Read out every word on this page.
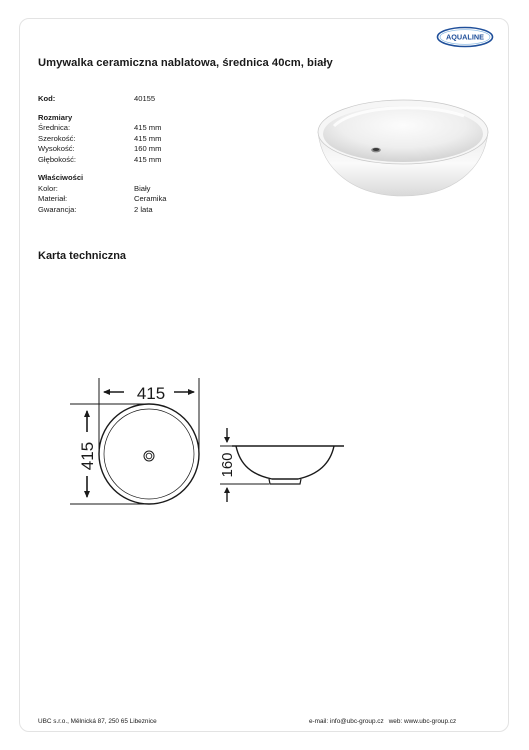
AQUALINE
Umywalka ceramiczna nablatowa, średnica 40cm, biały
Kod:	40155
Rozmiary
Średnica:	415 mm
Szerokość:	415 mm
Wysokość:	160 mm
Głębokość:	415 mm
Właściwości
Kolor:	Biały
Materiał:	Ceramika
Gwarancja:	2 lata
Karta techniczna
415
415	160
UBC s.r.o., Mělnická 87, 250 65 Libeznice	e-mail: info@ubc-group.cz web: www.ubc-group.cz
